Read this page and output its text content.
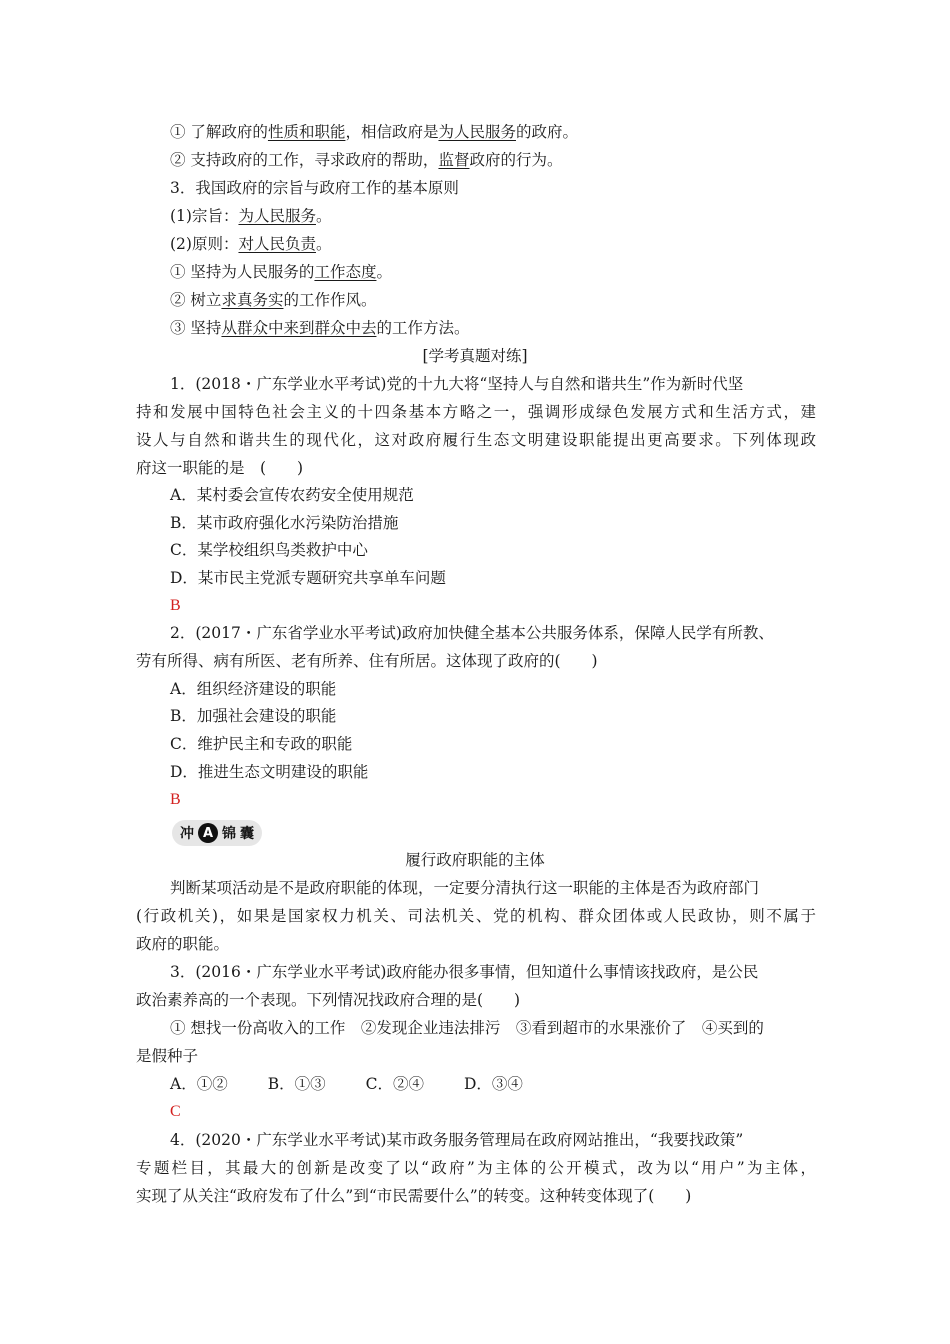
① 了解政府的性质和职能，相信政府是为人民服务的政府。
② 支持政府的工作，寻求政府的帮助，监督政府的行为。
3．我国政府的宗旨与政府工作的基本原则
(1)宗旨：为人民服务。
(2)原则：对人民负责。
① 坚持为人民服务的工作态度。
② 树立求真务实的工作作风。
③ 坚持从群众中来到群众中去的工作方法。
[学考真题对练]
1．(2018・广东学业水平考试)党的十九大将“坚持人与自然和谐共生”作为新时代坚
持和发展中国特色社会主义的十四条基本方略之一，强调形成绿色发展方式和生活方式，建
设人与自然和谐共生的现代化，这对政府履行生态文明建设职能提出更高要求。下列体现政
府这一职能的是　(　　)
A．某村委会宣传农药安全使用规范
B．某市政府强化水污染防治措施
C．某学校组织鸟类救护中心
D．某市民主党派专题研究共享单车问题
B
2．(2017・广东省学业水平考试)政府加快健全基本公共服务体系，保障人民学有所教、
劳有所得、病有所医、老有所养、住有所居。这体现了政府的(　　)
A．组织经济建设的职能
B．加强社会建设的职能
C．维护民主和专政的职能
D．推进生态文明建设的职能
B
冲 A 锦 囊
履行政府职能的主体
判断某项活动是不是政府职能的体现，一定要分清执行这一职能的主体是否为政府部门
(行政机关)，如果是国家权力机关、司法机关、党的机构、群众团体或人民政协，则不属于
政府的职能。
3．(2016・广东学业水平考试)政府能办很多事情，但知道什么事情该找政府，是公民
政治素养高的一个表现。下列情况找政府合理的是(　　)
① 想找一份高收入的工作　②发现企业违法排污　③看到超市的水果涨价了　④买到的
是假种子
A．①②	B．①③	C．②④	D．③④
C
4．(2020・广东学业水平考试)某市政务服务管理局在政府网站推出，“我要找政策”
专题栏目，其最大的创新是改变了以“政府”为主体的公开模式，改为以“用户”为主体，
实现了从关注“政府发布了什么”到“市民需要什么”的转变。这种转变体现了(　　)
